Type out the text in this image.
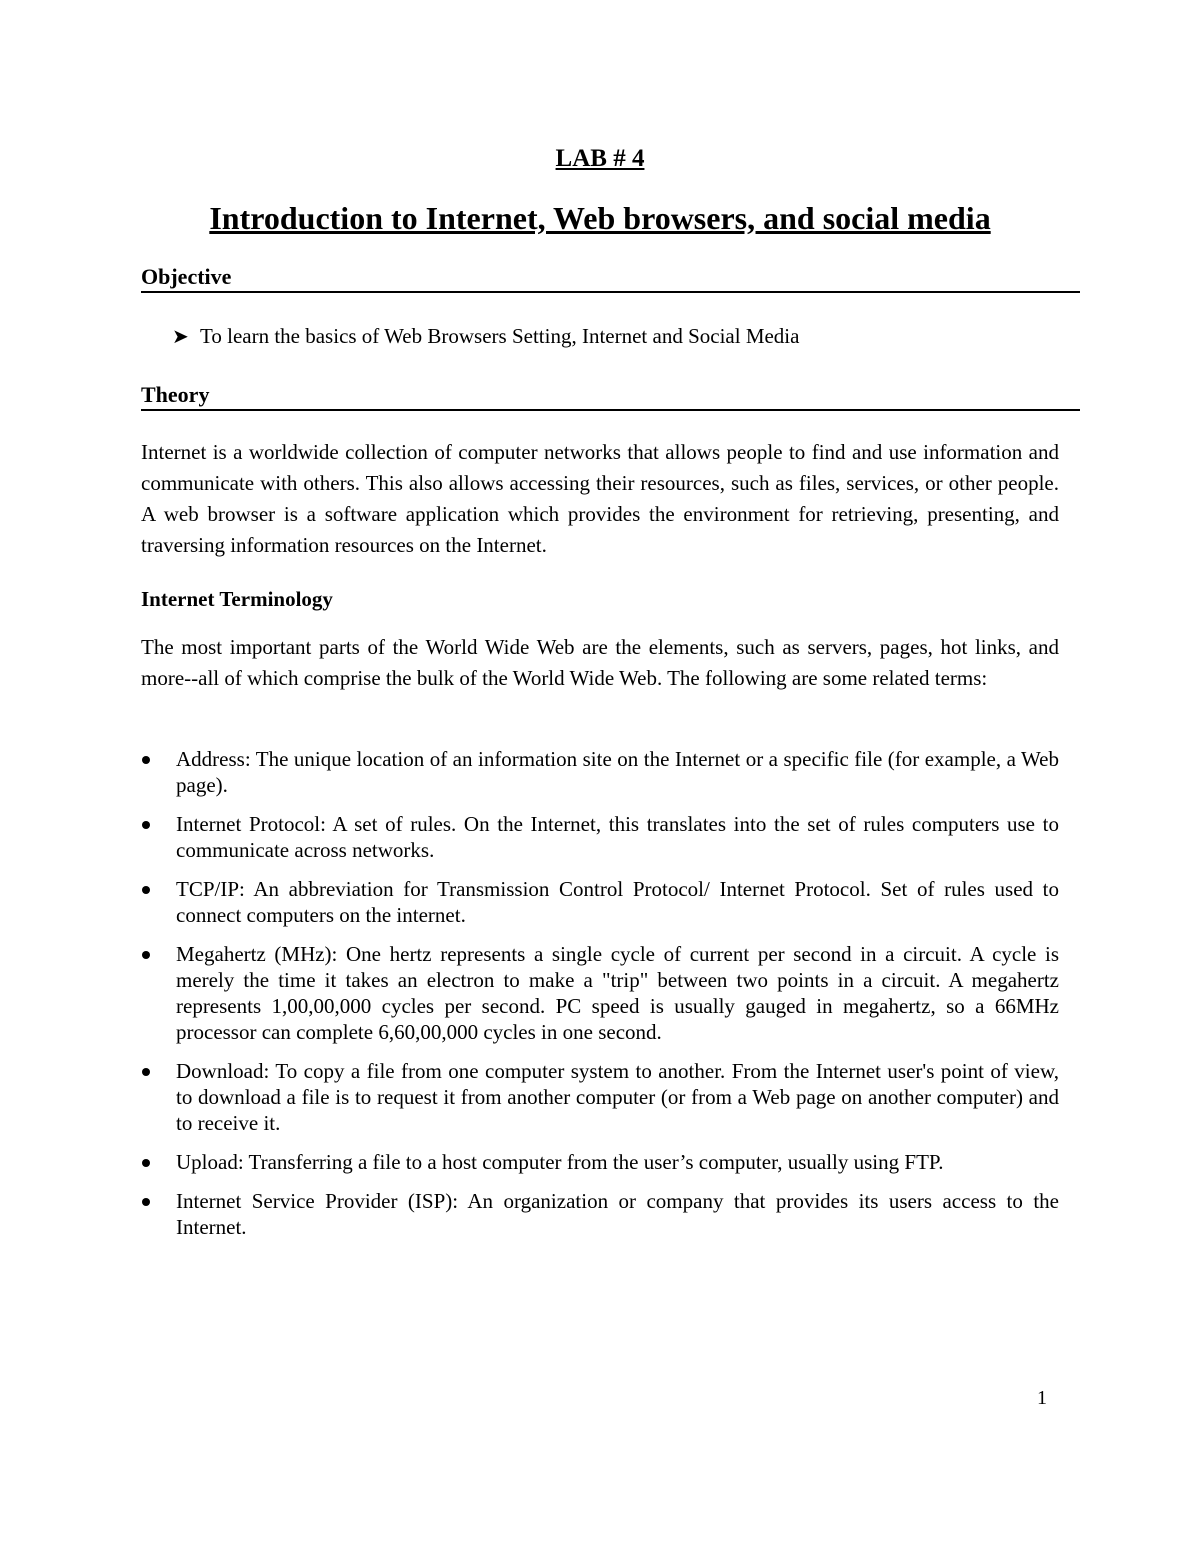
LAB # 4
Introduction to Internet, Web browsers, and social media
Objective

➤ To learn the basics of Web Browsers Setting, Internet and Social Media

Theory

Internet is a worldwide collection of computer networks that allows people to find and use information and communicate with others. This also allows accessing their resources, such as files, services, or other people. A web browser is a software application which provides the environment for retrieving, presenting, and traversing information resources on the Internet.

Internet Terminology

The most important parts of the World Wide Web are the elements, such as servers, pages, hot links, and more--all of which comprise the bulk of the World Wide Web. The following are some related terms:

Address: The unique location of an information site on the Internet or a specific file (for example, a Web page).
Internet Protocol: A set of rules. On the Internet, this translates into the set of rules computers use to communicate across networks.
TCP/IP: An abbreviation for Transmission Control Protocol/ Internet Protocol. Set of rules used to connect computers on the internet.
Megahertz (MHz): One hertz represents a single cycle of current per second in a circuit. A cycle is merely the time it takes an electron to make a "trip" between two points in a circuit. A megahertz represents 1,00,00,000 cycles per second. PC speed is usually gauged in megahertz, so a 66MHz processor can complete 6,60,00,000 cycles in one second.
Download: To copy a file from one computer system to another. From the Internet user's point of view, to download a file is to request it from another computer (or from a Web page on another computer) and to receive it.
Upload: Transferring a file to a host computer from the user’s computer, usually using FTP.
Internet Service Provider (ISP): An organization or company that provides its users access to the Internet.

1
